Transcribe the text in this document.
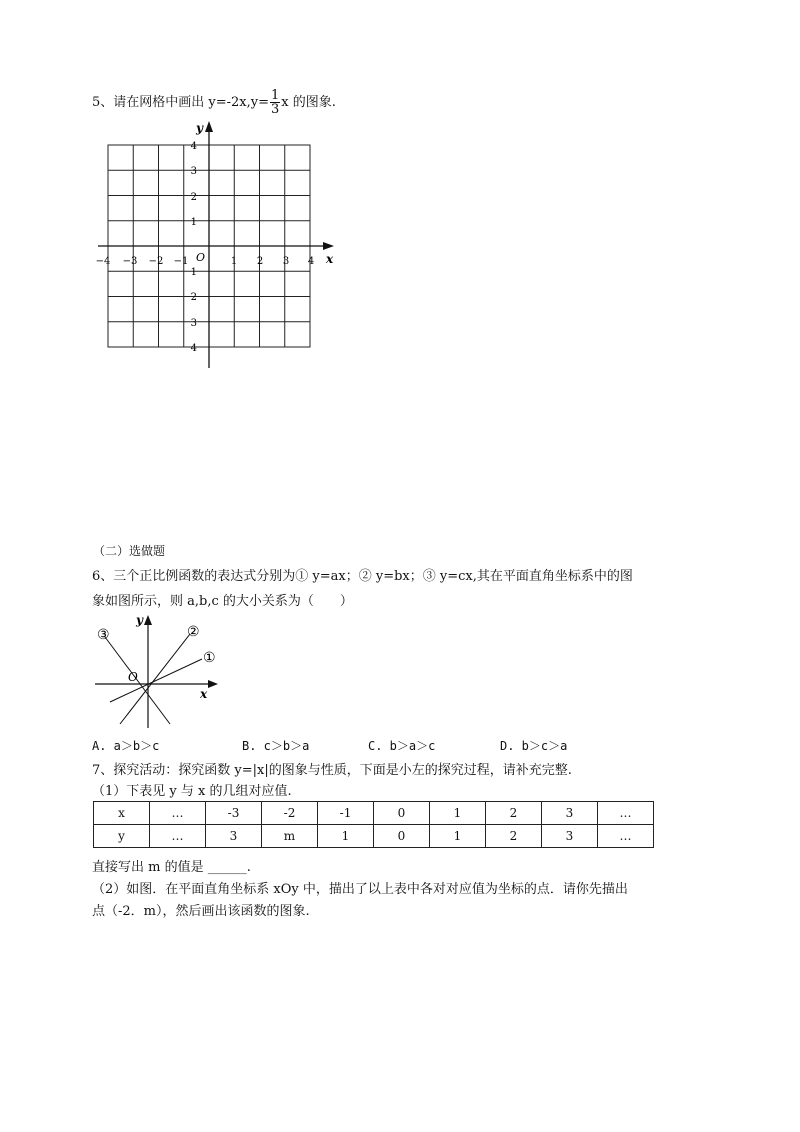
5、请在网格中画出 $y=-2x,y= \frac{1}{3}$ x 的图象.
y
x
O
−4 −3 −2 −1	1 2 3 4
4
3
2
1
1
2
3
4
（二）选做题
6、三个正比例函数的表达式分别为① y=ax；② y=bx；③ y=cx,其在平面直角坐标系中的图
象如图所示，则 a,b,c 的大小关系为（　　）
y
x
O
①
②
③
A. a＞b＞c	B. c＞b＞a	C. b＞a＞c	D. b＞c＞a
7、探究活动：探究函数 y=|x|的图象与性质，下面是小左的探究过程，请补充完整.
（1）下表见 y 与 x 的几组对应值.
x	…	-3	-2	-1	0	1	2	3	…
y	…	3	m	1	0	1	2	3	…
直接写出 m 的值是 ______.
（2）如图．在平面直角坐标系 xOy 中，描出了以上表中各对对应值为坐标的点．请你先描出
点（-2．m），然后画出该函数的图象.
